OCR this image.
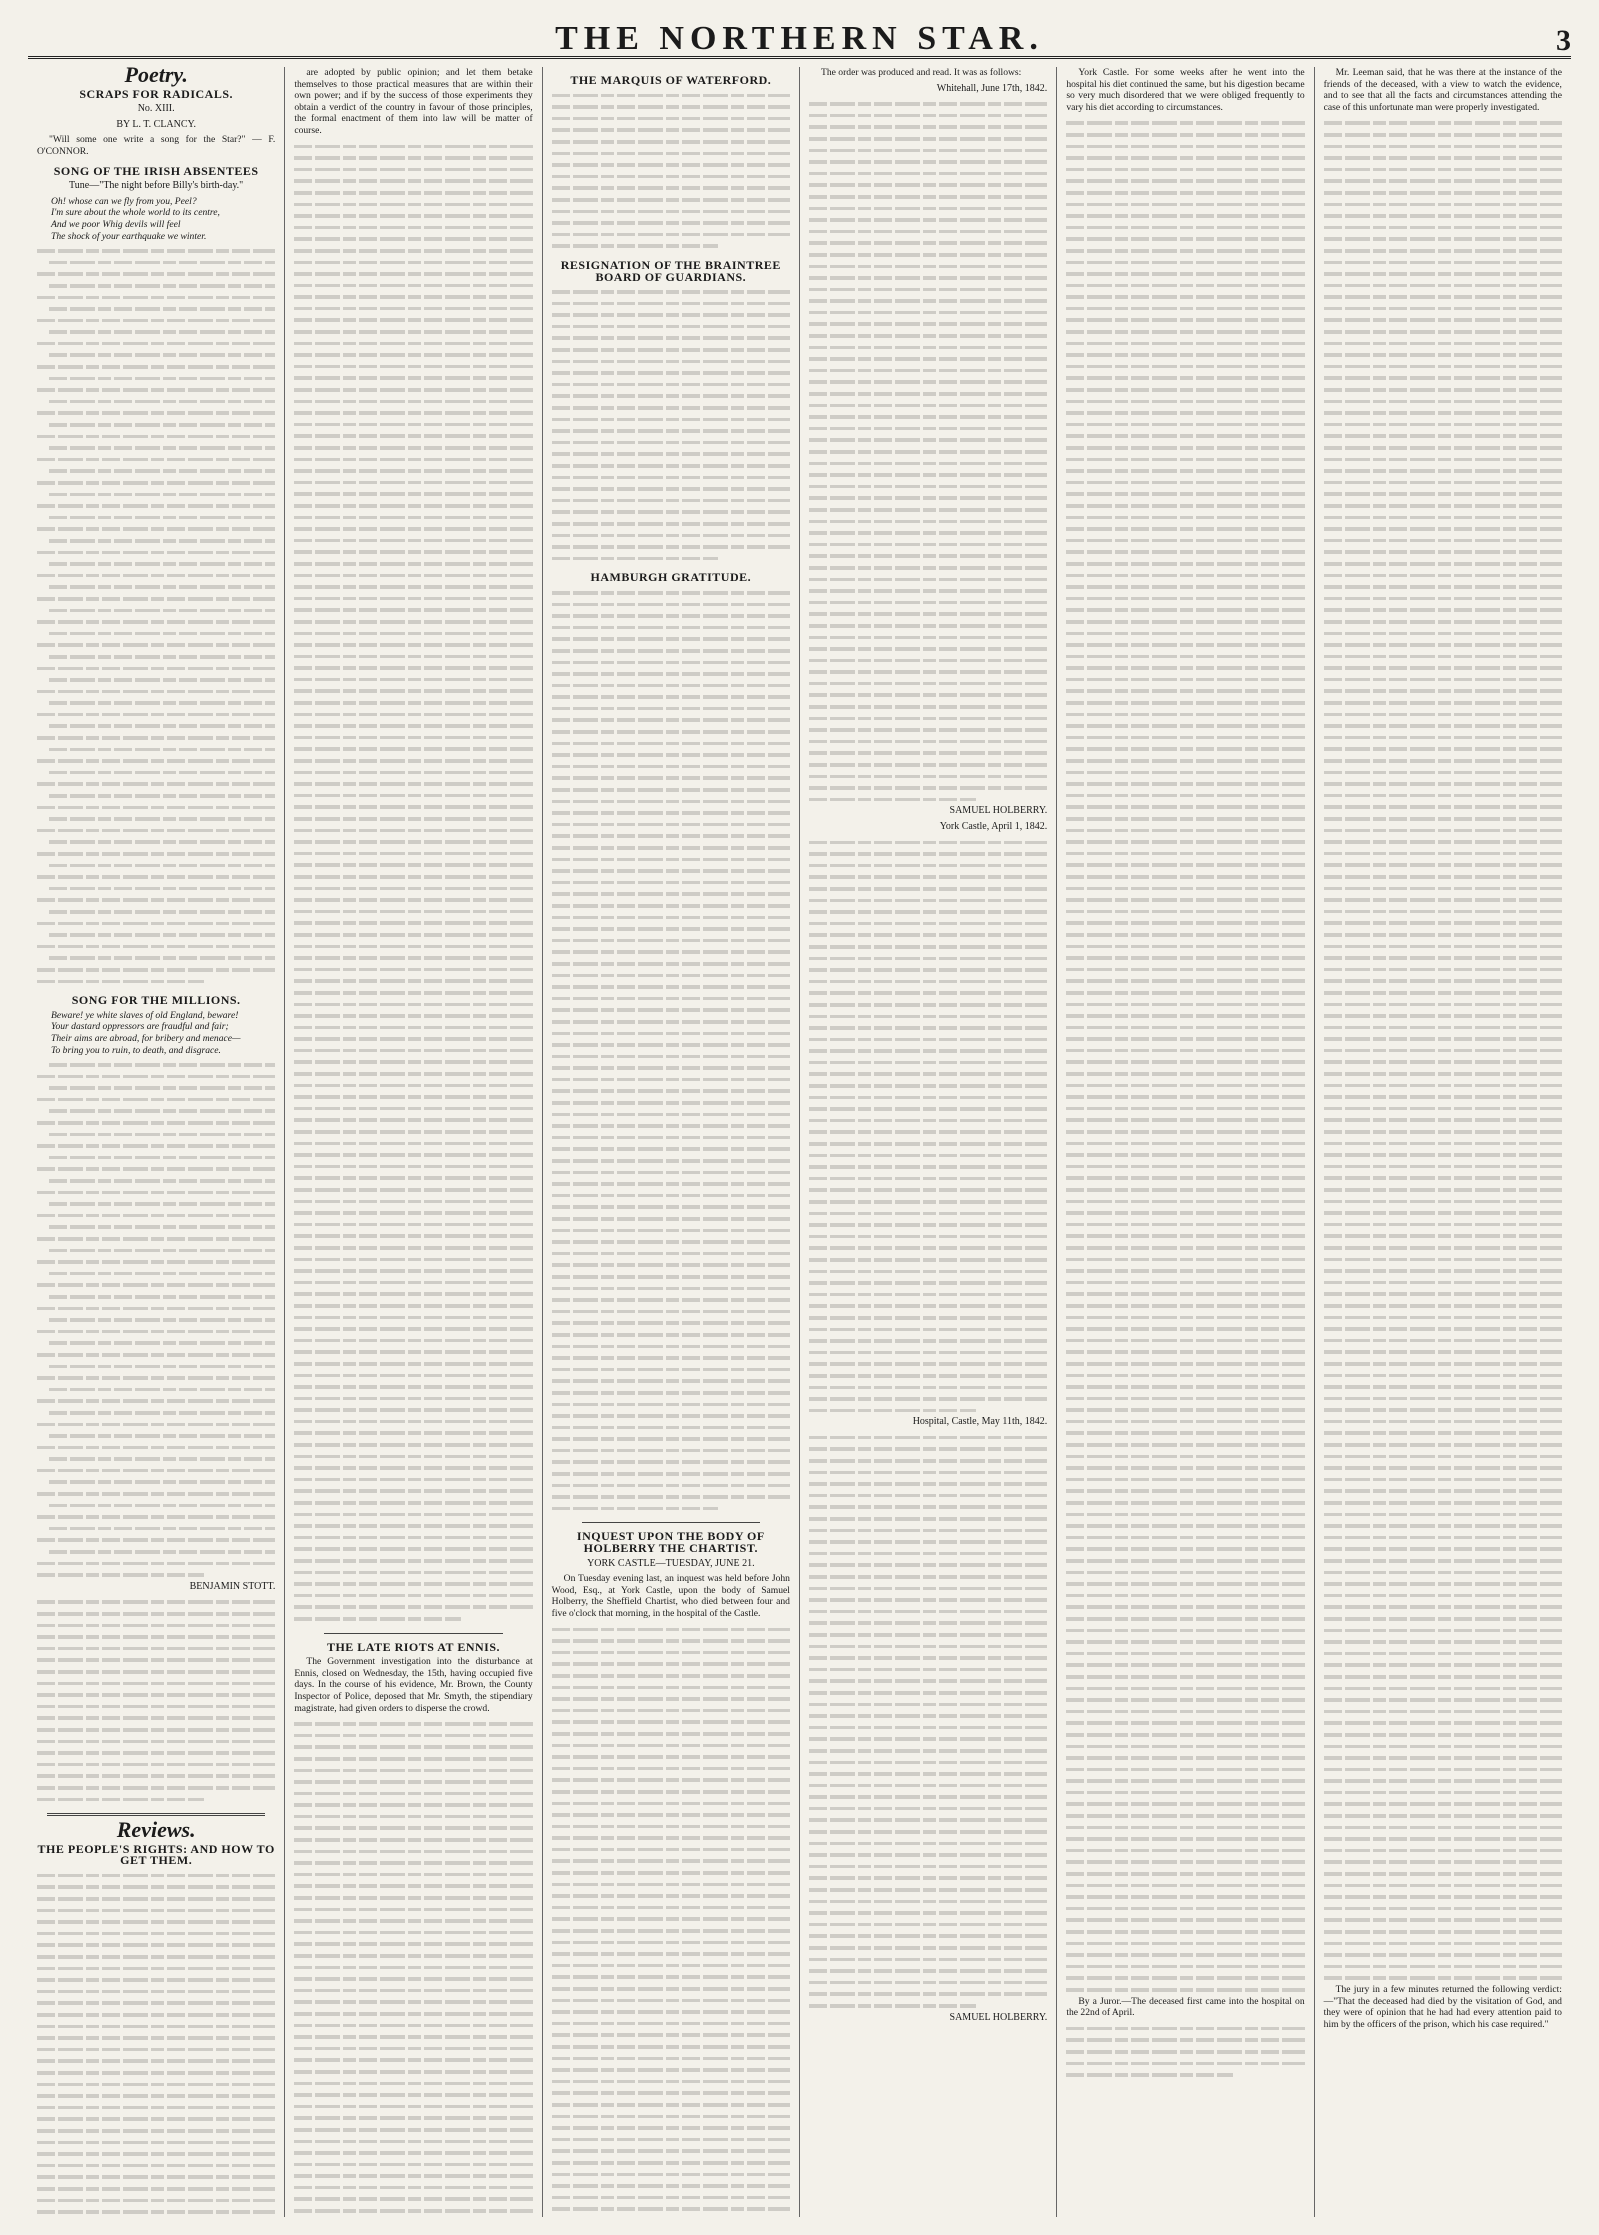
THE NORTHERN STAR.	3
Poetry.
SCRAPS FOR RADICALS.
No. XIII.
BY L. T. CLANCY.

"Will some one write a song for the Star?" — F. O'CONNOR.

SONG OF THE IRISH ABSENTEES
Tune—"The night before Billy's birth-day."
Oh! whose can we fly from you, Peel?
I'm sure about the whole world to its centre,
And we poor Whig devils will feel
The shock of your earthquake we winter.
SONG FOR THE MILLIONS.
Beware! ye white slaves of old England, beware!
Your dastard oppressors are fraudful and fair;
Their aims are abroad, for bribery and menace—
To bring you to ruin, to death, and disgrace.
BENJAMIN STOTT.
Reviews.
THE PEOPLE'S RIGHTS: AND HOW TO GET THEM.

are adopted by public opinion; and let them betake themselves to those practical measures that are within their own power; and if by the success of those experiments they obtain a verdict of the country in favour of those principles, the formal enactment of them into law will be matter of course.

THE LATE RIOTS AT ENNIS.

The Government investigation into the disturbance at Ennis, closed on Wednesday, the 15th, having occupied five days. In the course of his evidence, Mr. Brown, the County Inspector of Police, deposed that Mr. Smyth, the stipendiary magistrate, had given orders to disperse the crowd.

THE MARQUIS OF WATERFORD.
RESIGNATION OF THE BRAINTREE BOARD OF GUARDIANS.
HAMBURGH GRATITUDE.
INQUEST UPON THE BODY OF HOLBERRY THE CHARTIST.
YORK CASTLE—TUESDAY, JUNE 21.

On Tuesday evening last, an inquest was held before John Wood, Esq., at York Castle, upon the body of Samuel Holberry, the Sheffield Chartist, who died between four and five o'clock that morning, in the hospital of the Castle.

The order was produced and read. It was as follows:

Whitehall, June 17th, 1842.
SAMUEL HOLBERRY.
York Castle, April 1, 1842.
Hospital, Castle, May 11th, 1842.
SAMUEL HOLBERRY.

York Castle. For some weeks after he went into the hospital his diet continued the same, but his digestion became so very much disordered that we were obliged frequently to vary his diet according to circumstances.

By a Juror.—The deceased first came into the hospital on the 22nd of April.

Mr. Leeman said, that he was there at the instance of the friends of the deceased, with a view to watch the evidence, and to see that all the facts and circumstances attending the case of this unfortunate man were properly investigated.

The jury in a few minutes returned the following verdict:—"That the deceased had died by the visitation of God, and they were of opinion that he had had every attention paid to him by the officers of the prison, which his case required."
